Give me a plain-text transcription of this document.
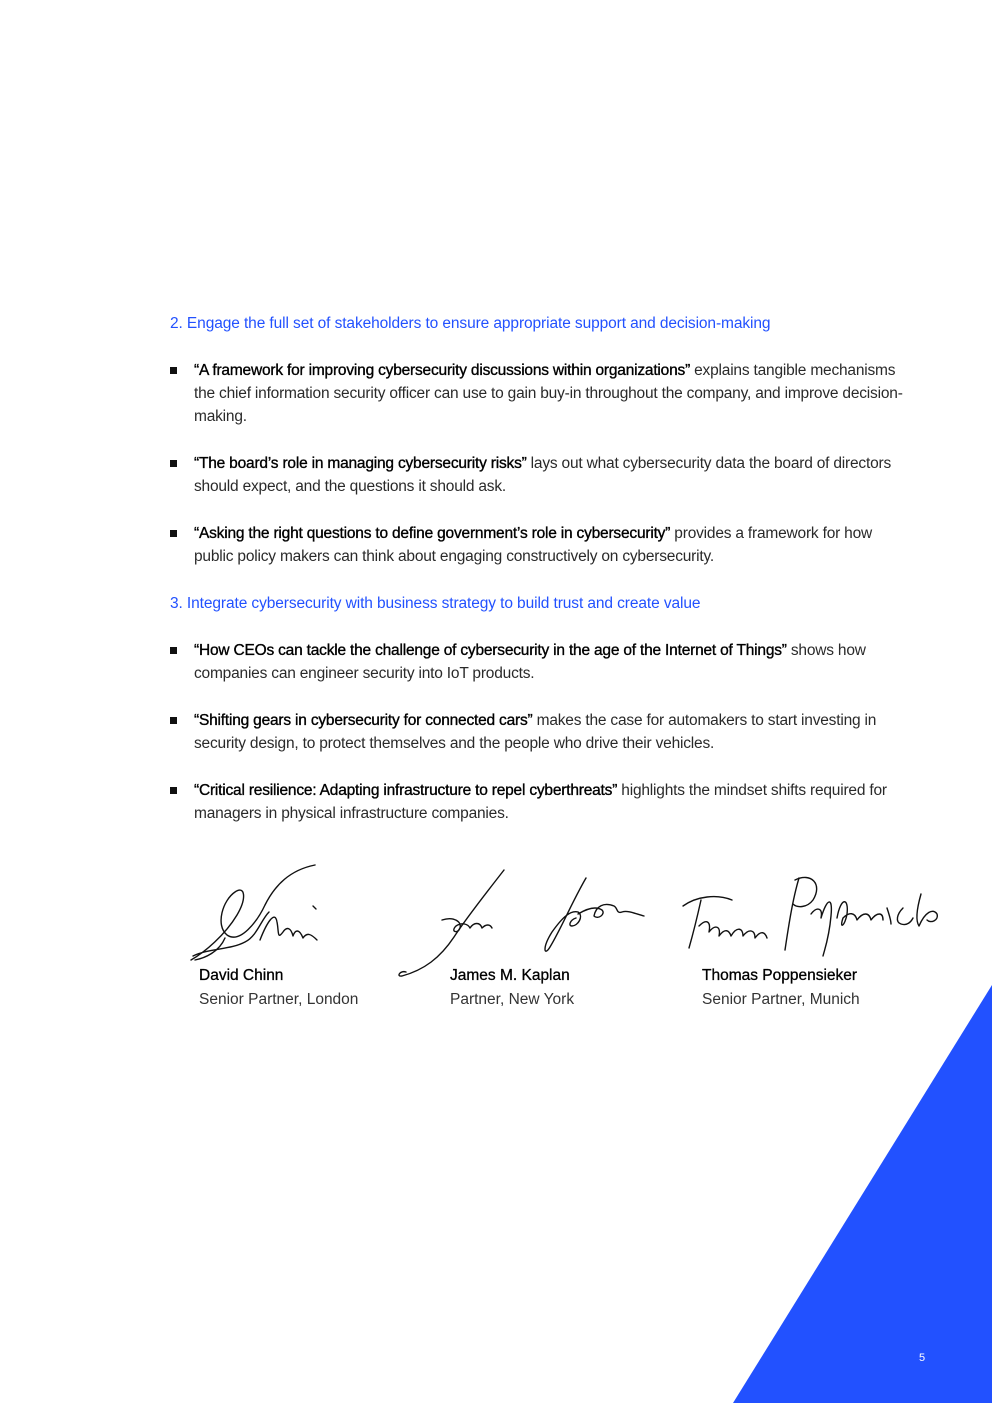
2. Engage the full set of stakeholders to ensure appropriate support and decision-making
“A framework for improving cybersecurity discussions within organizations” explains tangible mechanisms the chief information security officer can use to gain buy-in throughout the company, and improve decision-making.
“The board’s role in managing cybersecurity risks” lays out what cybersecurity data the board of directors should expect, and the questions it should ask.
“Asking the right questions to define government’s role in cybersecurity” provides a framework for how public policy makers can think about engaging constructively on cybersecurity.
3. Integrate cybersecurity with business strategy to build trust and create value
“How CEOs can tackle the challenge of cybersecurity in the age of the Internet of Things” shows how companies can engineer security into IoT products.
“Shifting gears in cybersecurity for connected cars” makes the case for automakers to start investing in security design, to protect themselves and the people who drive their vehicles.
“Critical resilience: Adapting infrastructure to repel cyberthreats” highlights the mindset shifts required for managers in physical infrastructure companies.
David Chinn
Senior Partner, London
James M. Kaplan
Partner, New York
Thomas Poppensieker
Senior Partner, Munich
5
